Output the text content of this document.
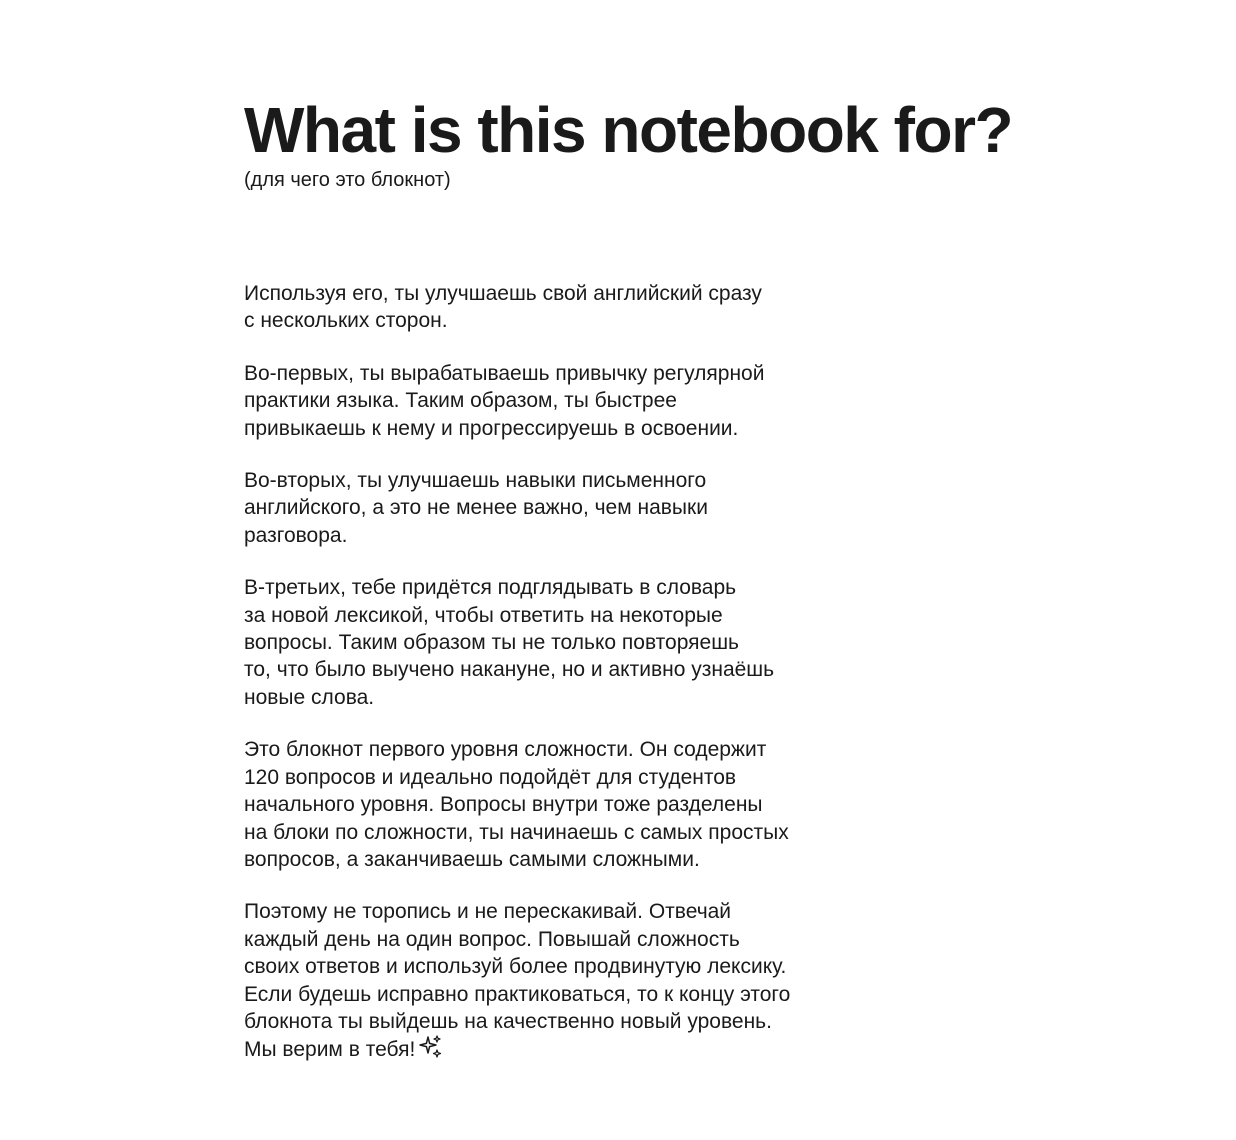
What is this notebook for?

(для чего это блокнот)

Используя его, ты улучшаешь свой английский сразу
с нескольких сторон.

Во-первых, ты вырабатываешь привычку регулярной
практики языка. Таким образом, ты быстрее
привыкаешь к нему и прогрессируешь в освоении.

Во-вторых, ты улучшаешь навыки письменного
английского, а это не менее важно, чем навыки
разговора.

В-третьих, тебе придётся подглядывать в словарь
за новой лексикой, чтобы ответить на некоторые
вопросы. Таким образом ты не только повторяешь
то, что было выучено накануне, но и активно узнаёшь
новые слова.

Это блокнот первого уровня сложности. Он содержит
120 вопросов и идеально подойдёт для студентов
начального уровня. Вопросы внутри тоже разделены
на блоки по сложности, ты начинаешь с самых простых
вопросов, а заканчиваешь самыми сложными.

Поэтому не торопись и не перескакивай. Отвечай
каждый день на один вопрос. Повышай сложность
своих ответов и используй более продвинутую лексику.
Если будешь исправно практиковаться, то к концу этого
блокнота ты выйдешь на качественно новый уровень.
Мы верим в тебя!
